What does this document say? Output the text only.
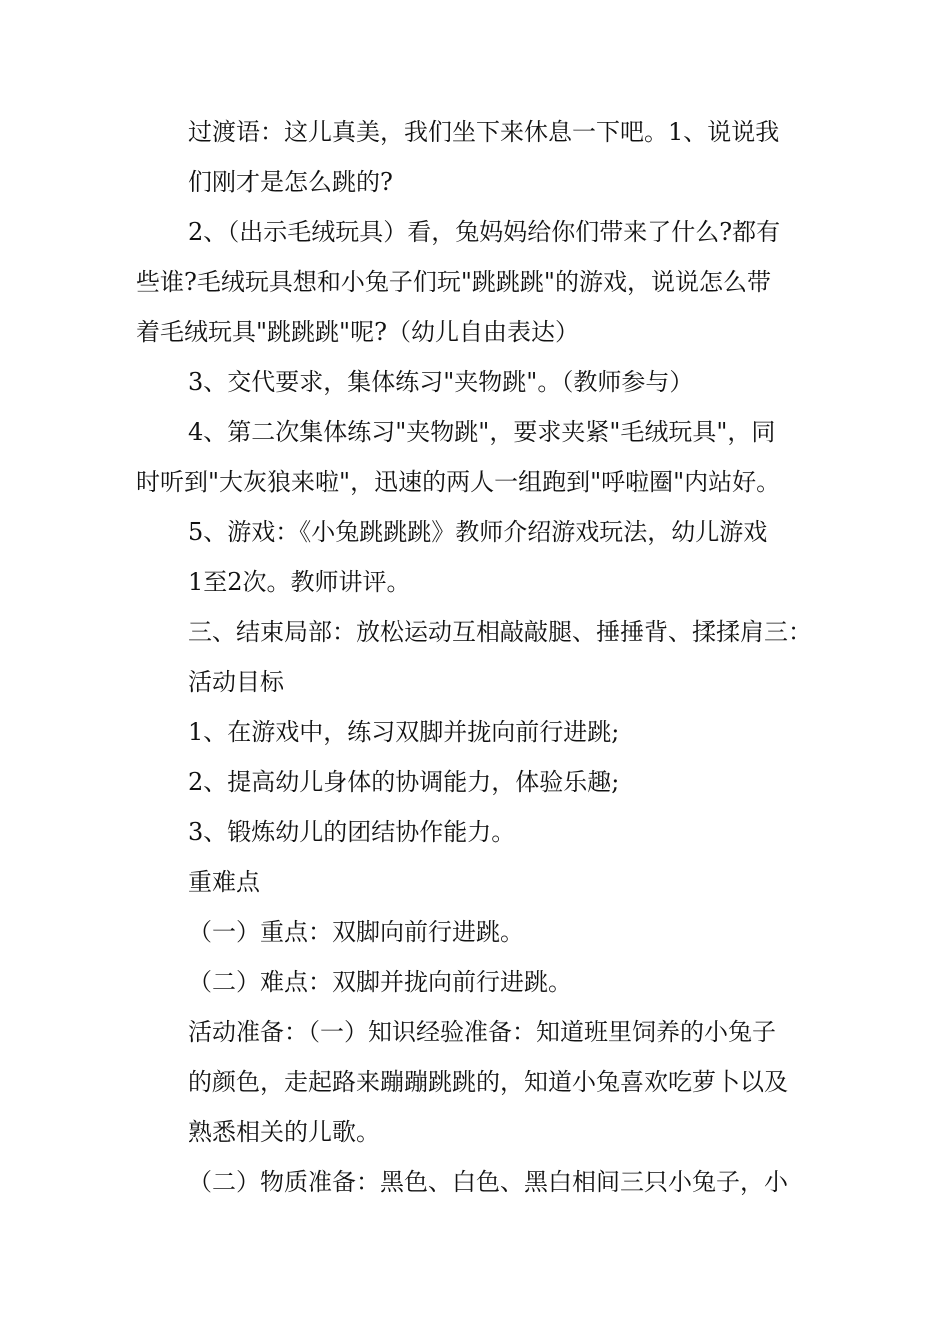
过渡语：这儿真美，我们坐下来休息一下吧。1、说说我
们刚才是怎么跳的?
2、（出示毛绒玩具）看，兔妈妈给你们带来了什么?都有
些谁?毛绒玩具想和小兔子们玩"跳跳跳"的游戏，说说怎么带
着毛绒玩具"跳跳跳"呢?（幼儿自由表达）
3、交代要求，集体练习"夹物跳"。（教师参与）
4、第二次集体练习"夹物跳"，要求夹紧"毛绒玩具"，同
时听到"大灰狼来啦"，迅速的两人一组跑到"呼啦圈"内站好。
5、游戏：《小兔跳跳跳》教师介绍游戏玩法，幼儿游戏
1至2次。教师讲评。
三、结束局部：放松运动互相敲敲腿、捶捶背、揉揉肩三：
活动目标
1、在游戏中，练习双脚并拢向前行进跳;
2、提高幼儿身体的协调能力，体验乐趣;
3、锻炼幼儿的团结协作能力。
重难点
（一）重点：双脚向前行进跳。
（二）难点：双脚并拢向前行进跳。
活动准备：（一）知识经验准备：知道班里饲养的小兔子
的颜色，走起路来蹦蹦跳跳的，知道小兔喜欢吃萝卜以及
熟悉相关的儿歌。
（二）物质准备：黑色、白色、黑白相间三只小兔子，小
